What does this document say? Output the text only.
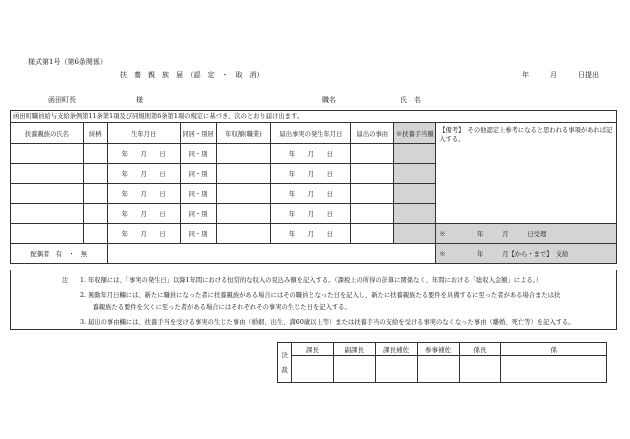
様式第1号（第6条関係）
扶　養　親　族　届　（認　定　・　取　消）	年　　　月　　　日提出
函田町長	様	職名	氏　名
函田町職員給与支給条例第11条第1項及び同規則第6条第1項の規定に基づき、次のとおり届け出ます。
扶養親族の氏名	続柄	生年月日	同居・別居	年収額(職業)	届出事実の発生年月日	届出の事由	※扶養手当額	【備考】　その他認定上参考になると思われる事項があれば記入する。
		年　　月　　日	同・別		年　　月　　日			
		年　　月　　日	同・別		年　　月　　日			
		年　　月　　日	同・別		年　　月　　日			
		年　　月　　日	同・別		年　　月　　日			
		年　　月　　日	同・別		年　　月　　日			※　　　　　年　　　月　　　日受理
配偶者　有　・　無								※　　　　　年　　　月【から・まで】　支給
注 1. 年収額には、「事実の発生日」以降1年間における恒常的な収入の見込み額を記入する。（課税上の所得の計算に関係なく、年間における「総収入金額」による。）
2. 異動年月日欄には、新たに職員になった者に扶養親族がある場合にはその職員となった日を記入し、新たに扶養親族たる要件を具備するに至った者がある場合または扶
　　養親族たる要件を欠くに至った者がある場合にはそれぞれその事実の生じた日を記入する。
3. 届出の事由欄には、扶養手当を受ける事実の生じた事由（婚姻、出生、満60歳以上等）または扶養手当の支給を受ける事実のなくなった事由（離婚、死亡等）を記入する。
決
裁	課長	副課長	課長補佐	参事補佐	係長	係
